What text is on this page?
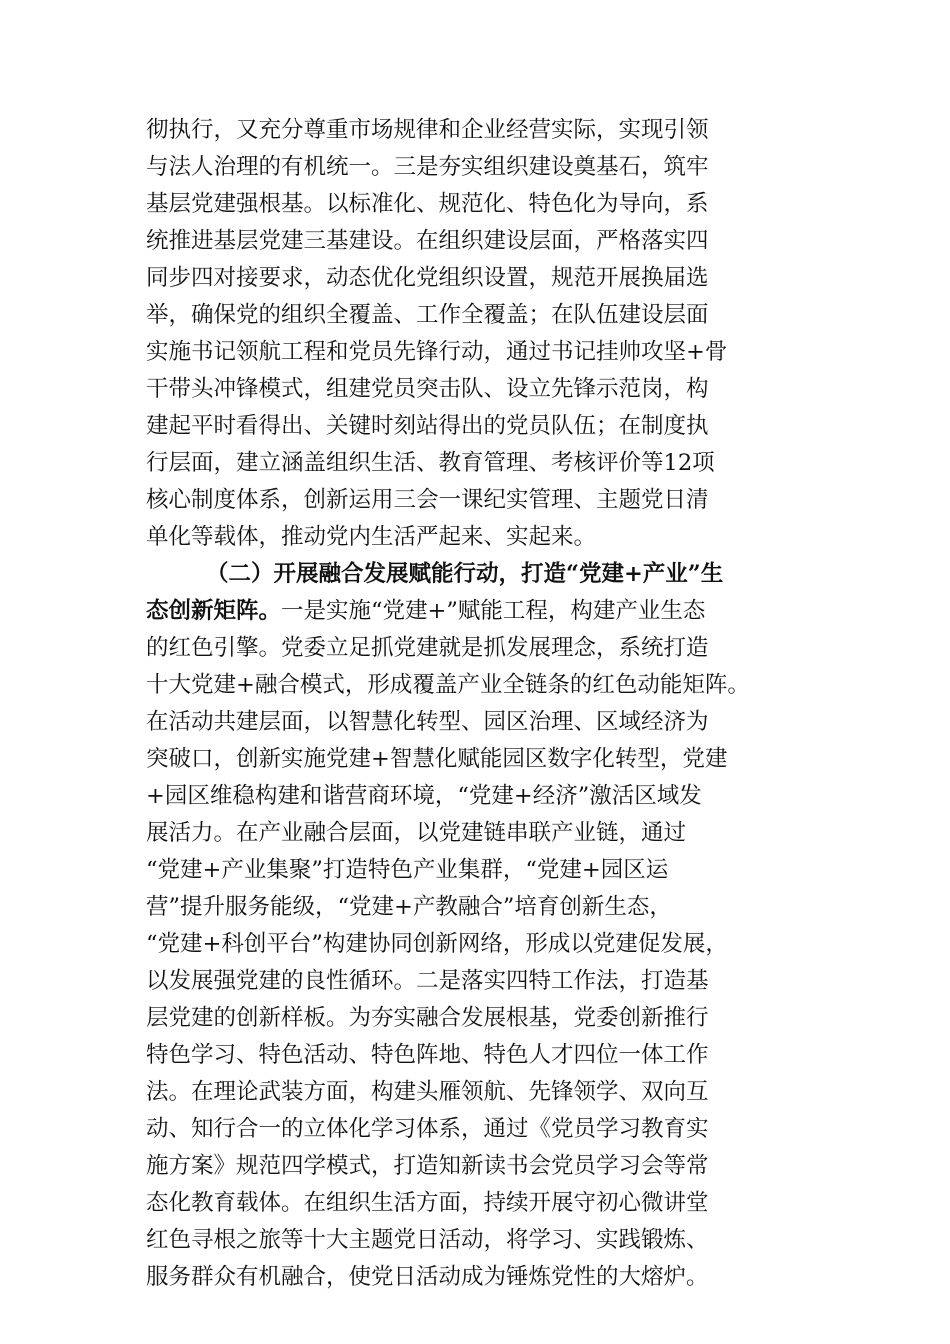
彻执行，又充分尊重市场规律和企业经营实际，实现引领
与法人治理的有机统一。三是夯实组织建设奠基石，筑牢
基层党建强根基。以标准化、规范化、特色化为导向，系
统推进基层党建三基建设。在组织建设层面，严格落实四
同步四对接要求，动态优化党组织设置，规范开展换届选
举，确保党的组织全覆盖、工作全覆盖；在队伍建设层面
实施书记领航工程和党员先锋行动，通过书记挂帅攻坚+骨
干带头冲锋模式，组建党员突击队、设立先锋示范岗，构
建起平时看得出、关键时刻站得出的党员队伍；在制度执
行层面，建立涵盖组织生活、教育管理、考核评价等12项
核心制度体系，创新运用三会一课纪实管理、主题党日清
单化等载体，推动党内生活严起来、实起来。
（二）开展融合发展赋能行动，打造“党建+产业”生
态创新矩阵。一是实施“党建+”赋能工程，构建产业生态
的红色引擎。党委立足抓党建就是抓发展理念，系统打造
十大党建+融合模式，形成覆盖产业全链条的红色动能矩阵。
在活动共建层面，以智慧化转型、园区治理、区域经济为
突破口，创新实施党建+智慧化赋能园区数字化转型，党建
+园区维稳构建和谐营商环境，“党建+经济”激活区域发
展活力。在产业融合层面，以党建链串联产业链，通过
“党建+产业集聚”打造特色产业集群，“党建+园区运
营”提升服务能级，“党建+产教融合”培育创新生态，
“党建+科创平台”构建协同创新网络，形成以党建促发展，
以发展强党建的良性循环。二是落实四特工作法，打造基
层党建的创新样板。为夯实融合发展根基，党委创新推行
特色学习、特色活动、特色阵地、特色人才四位一体工作
法。在理论武装方面，构建头雁领航、先锋领学、双向互
动、知行合一的立体化学习体系，通过《党员学习教育实
施方案》规范四学模式，打造知新读书会党员学习会等常
态化教育载体。在组织生活方面，持续开展守初心微讲堂
红色寻根之旅等十大主题党日活动，将学习、实践锻炼、
服务群众有机融合，使党日活动成为锤炼党性的大熔炉。
